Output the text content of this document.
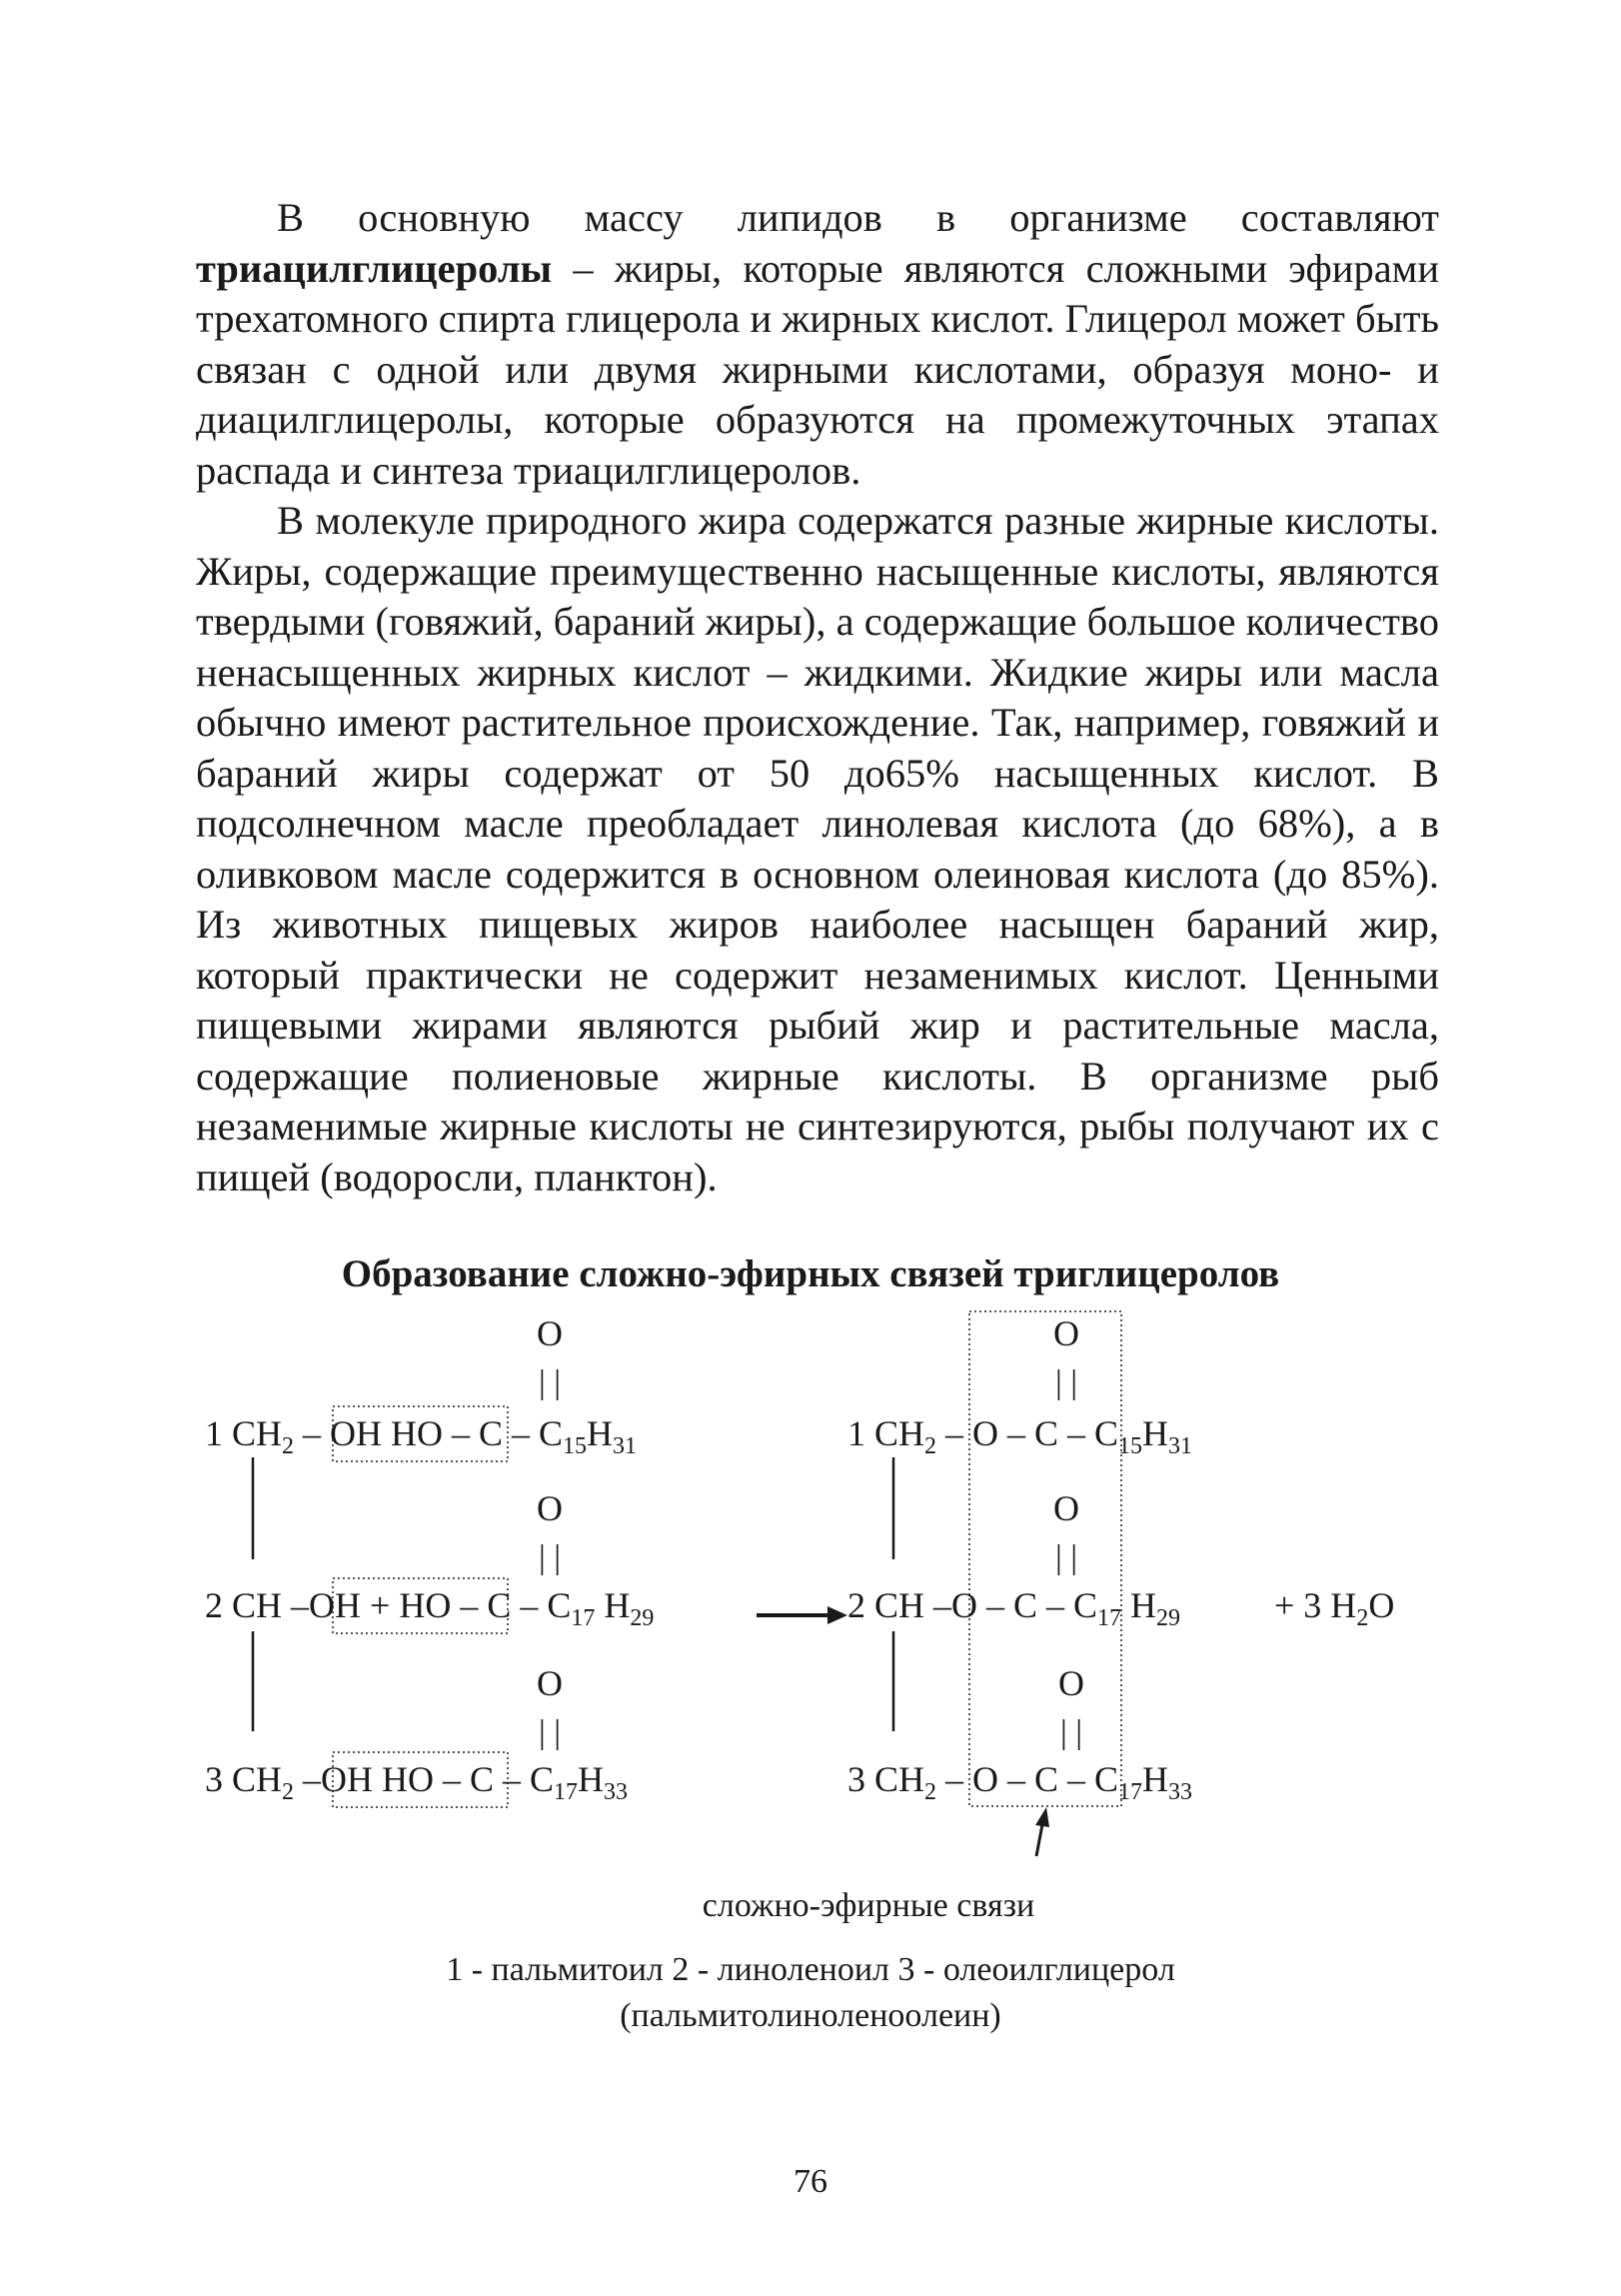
В основную массу липидов в организме составляют триацилглицеролы – жиры, которые являются сложными эфирами трехатомного спирта глицерола и жирных кислот. Глицерол может быть связан с одной или двумя жирными кислотами, образуя моно- и диацилглицеролы, которые образуются на промежуточных этапах распада и синтеза триацилглицеролов.

В молекуле природного жира содержатся разные жирные кислоты. Жиры, содержащие преимущественно насыщенные кислоты, являются твердыми (говяжий, бараний жиры), а содержащие большое количество ненасыщенных жирных кислот – жидкими. Жидкие жиры или масла обычно имеют растительное происхождение. Так, например, говяжий и бараний жиры содержат от 50 до65% насыщенных кислот. В подсолнечном масле преобладает линолевая кислота (до 68%), а в оливковом масле содержится в основном олеиновая кислота (до 85%). Из животных пищевых жиров наиболее насыщен бараний жир, который практически не содержит незаменимых кислот. Ценными пищевыми жирами являются рыбий жир и растительные масла, содержащие полиеновые жирные кислоты. В организме рыб незаменимые жирные кислоты не синтезируются, рыбы получают их с пищей (водоросли, планктон).

Образование сложно-эфирных связей триглицеролов
O
| |
O
| |
O
| |
1 $CH_2$ – OH HO – C – $C_{15}H_{31}$
2 CH –OH + HO – C – $C_{17}$ $H_{29}$
3 $CH_2$ –OH HO – C – $C_{17}H_{33}$
O
| |
O
| |
O
| |
1 $CH_2$ – O – C – $C_{15}H_{31}$
2 CH –O – C – $C_{17}$ $H_{29}$	+ 3 $H_2O$
3 $CH_2$ – O – C – $C_{17}H_{33}$
сложно-эфирные связи

1 - пальмитоил 2 - линоленоил 3 - олеоилглицерол

(пальмитолиноленоолеин)

76
